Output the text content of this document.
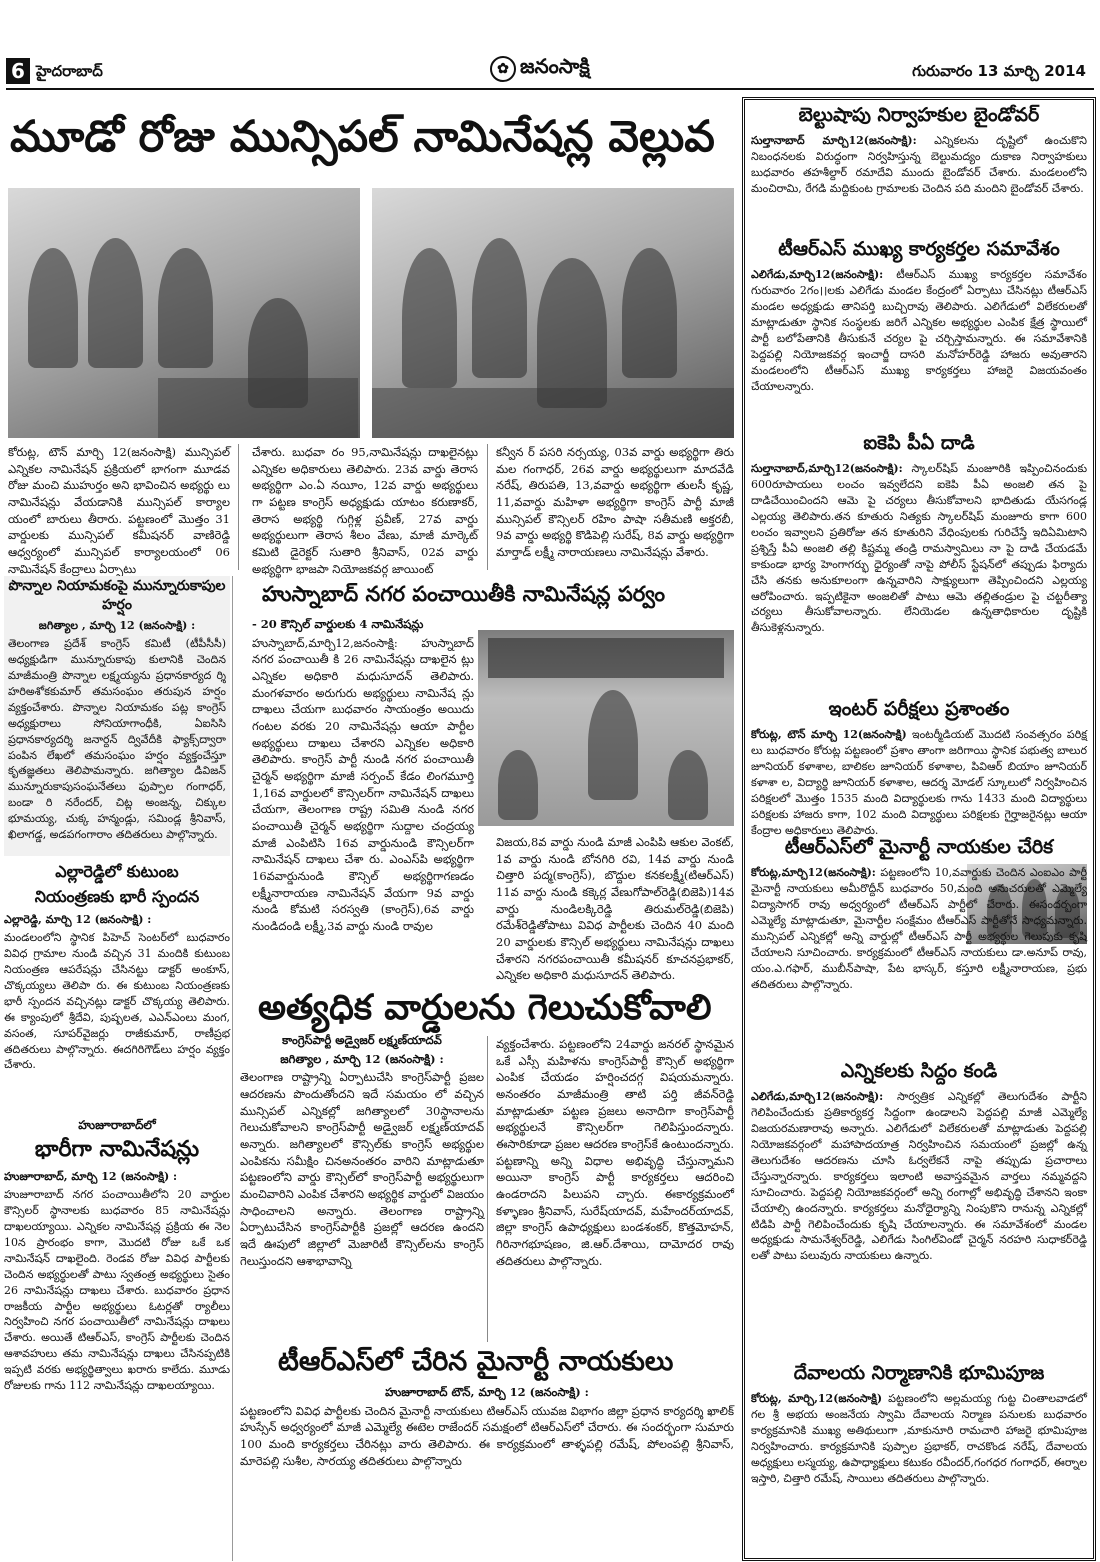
6 హైదరాబాద్	✿ జనంసాక్షి	గురువారం 13 మార్చి 2014
మూడో రోజు మున్సిపల్ నామినేషన్ల వెల్లువ

కోరుట్ల, టౌన్ మార్చి 12(జనంసాక్షి) మున్సిపల్ ఎన్నికల నామినేషన్ ప్రక్రియలో భాగంగా మూడవ రోజు మంచి ముహుర్తం అని భావించిన అభ్యర్థు లు నామినేషన్లు వేయడానికి మున్సిపల్ కార్యాల యంలో బారులు తీరారు. పట్టణంలో మొత్తం 31 వార్డులకు మున్సిపల్ కమీషనర్ వాణిరెడ్డి ఆధ్వర్యంలో మున్సిపల్ కార్యాలయంలో 06 నామినేషన్ కేంద్రాలు ఏర్పాటు

చేశారు. బుధవా రం 95,నామినేషన్లు దాఖలైనట్లు ఎన్నికల అధికారులు తెలిపారు. 23వ వార్డు తెరాస అభ్యర్థిగా ఎం.ఏ నయీం, 12వ వార్డు అభ్యర్థులు గా పట్టణ కాంగ్రెస్ అధ్యక్షుడు యాటం కరుణాకర్, తెరాస అభ్యర్థి గుగ్గిళ్ల ప్రవీణ్, 27వ వార్డు అభ్యర్థులుగా తెరాస శీలం వేణు, మాజీ మార్కెట్ కమిటి డైరెక్టర్ సుతారి శ్రీనివాస్, 02వ వార్డు అభ్యర్థిగా భాజపా నియోజకవర్గ జాయింట్

కన్వీన ర్ పసరి నర్సయ్య, 03వ వార్డు అభ్యర్థిగా తిరు మల గంగాధర్, 26వ వార్డు అభ్యర్థులుగా మాదవేడి నరేష్, తిరుపతి, 13,వవార్డు అభ్యర్థిగా తులసీ కృష్ణ, 11,వవార్డు మహిళా అభ్యర్థిగా కాంగ్రెస్ పార్టీ మాజీ మున్సిపల్ కౌన్సిలర్ రహిం పాషా సతీమణి అక్తరబీ, 9వ వార్డు అభ్యర్థి కొడిపెల్లి సురేష్, 8వ వార్డు అభ్యర్థిగా మార్తాడ్ లక్ష్మీ నారాయణలు నామినేషన్లు వేశారు.

పొన్నాల నియామకంపై మున్నూరుకాపుల హర్షం

జగిత్యాల , మార్చి 12 (జనంసాక్షి) :

తెలంగాణ ప్రదేశ్ కాంగ్రెస్ కమిటీ (టీపీసీసీ) అధ్యక్షుడిగా మున్నూరుకాపు కులానికి చెందిన మాజీమంత్రి పొన్నాల లక్ష్మయ్యను ప్రధానకార్యద ర్శి హరిఅశోకకుమార్ తమసంఘం తరుపున హర్షం వ్యక్తంచేశారు. పొన్నాల నియామకం పట్ల కాంగ్రెస్ అధ్యక్షురాలు సోనియాగాంధీకి, ఏఐసిసి ప్రధానకార్యదర్శి జనార్దన్ ద్వివేదీకి ఫ్యాక్స్‌ద్వారా పంపిన లేఖలో తమసంఘం హర్షం వ్యక్తంచేస్తూ కృతజ్ఞతలు తెలిపామన్నారు. జగిత్యాల డివిజన్ మున్నూరుకాపుసంఘనేతలు ఫుప్పాల గంగాధర్, బండా రి నరేందర్, చిట్ల అంజన్న, చిక్కుల భూమయ్య, చుక్క హన్మండ్లు, సమిండ్ల శ్రీనివాస్, ఖిలాగడ్డ, అడపగంగారాం తదితరులు పాల్గొన్నారు.

ఎల్లారెడ్డిలో కుటుంబ
నియంత్రణకు భారీ స్పందన

ఎల్లారెడ్డి, మార్చి 12 (జనంసాక్షి) :

మండలంలోని స్థానిక పిహెచ్ సెంటర్‌లో బుధవారం వివిధ గ్రామాల నుండి వచ్చిన 31 మందికి కుటుంబ నియంత్రణ ఆపరేషన్లు చేసినట్టు డాక్టర్ అంకూస్, చొక్కయ్యలు తెలిపా రు. ఈ కుటుంబ నియంత్రణకు భారీ స్పందన వచ్చినట్లు డాక్టర్ చొక్కయ్య తెలిపారు. ఈ క్యాంపులో శ్రీదేవి, పుష్పలత, ఎఎన్ఎంలు మంగ, వసంత, సూపర్‌వైజర్లు రాజీకుమార్, రాణీప్రభ తదితరులు పాల్గొన్నారు. ఈదగిరిగౌడ్‌లు హర్షం వ్యక్తం చేశారు.

హుజూరాబాద్‌లో
భారీగా నామినేషన్లు

హుజూరాబాద్, మార్చి 12 (జనంసాక్షి) :

హుజూరాబాద్ నగర పంచాయితీలోని 20 వార్డుల కౌన్సిలర్ స్థానాలకు బుధవారం 85 నామినేషన్లు దాఖలయ్యాయి. ఎన్నికల నామినేషన్ల ప్రక్రియ ఈ నెల 10న ప్రారంభం కాగా, మొదటి రోజు ఒకే ఒక నామినేషన్ దాఖలైంది. రెండవ రోజు వివిధ పార్టీలకు చెందిన అభ్యర్థులతో పాటు స్వతంత్ర అభ్యర్థులు సైతం 26 నామినేషన్లు దాఖలు చేశారు. బుధవారం ప్రధాన రాజకీయ పార్టీల అభ్యర్థులు ఓటర్లతో ర్యాలీలు నిర్వహించి నగర పంచాయితీలో నామినేషన్లు దాఖలు చేశారు. అయితే టిఆర్ఎస్, కాంగ్రెస్ పార్టీలకు చెందిన ఆశావహులు తమ నామినేషన్లు దాఖలు చేసినప్పటికి ఇప్పటి వరకు అభ్యర్థిత్వాలు ఖరారు కాలేదు. మూడు రోజులకు గాను 112 నామినేషన్లు దాఖలయ్యాయి.

హుస్నాబాద్ నగర పంచాయితీకి నామినేషన్ల పర్వం

- 20 కౌన్సిల్ వార్డులకు 4 నామినేషన్లు

హుస్నాబాద్,మార్చి12,జనంసాక్షి: హుస్నాబాద్ నగర పంచాయితీ కి 26 నామినేషన్లు దాఖలైన ట్లు ఎన్నికల అధికారి మధుసూదన్ తెలిపారు. మంగళవారం అరుగురు అభ్యర్థులు నామినేష న్లు దాఖలు చేయగా బుధవారం సాయంత్రం అయిదు గంటల వరకు 20 నామినేషన్లు ఆయా పార్టీల అభ్యర్థులు దాఖలు చేశారని ఎన్నికల అధికారి తెలిపారు. కాంగ్రెస్ పార్టీ నుండి నగర పంచాయితీ చైర్మన్ అభ్యర్థిగా మాజీ సర్పంచ్ కేడం లింగమూర్తి 1,16వ వార్డులలో కౌన్సిలర్‌గా నామినేషన్ దాఖలు చేయగా, తెలంగాణ రాష్ట్ర సమితి నుండి నగర పంచాయితీ చైర్మన్ అభ్యర్థిగా సుద్దాల చంద్రయ్య మాజీ ఎంపిటిసి 16వ వార్డునుండి కౌన్సిలర్‌గా నామినేషన్ దాఖలు చేశా రు. ఎంఎస్‌పి అభ్యర్థిగా 16వవార్డునుండి కౌన్సిల్ అభ్యర్థిగాగణడం లక్ష్మీనారాయణ నామినేషన్ వేయగా 9వ వార్డు నుండి కోమటి సరస్వతి (కాంగ్రెస్),6వ వార్డు నుండిదండి లక్ష్మీ,3వ వార్డు నుండి రావుల

విజయ,8వ వార్డు నుండి మాజీ ఎంపిపి ఆకుల వెంకట్, 1వ వార్డు నుండి బోనగిరి రవి, 14వ వార్డు నుండి చిత్తారి పద్మ(కాంగ్రెస్), బొద్దుల కనకలక్ష్మీ(టిఆర్ఎస్) 11వ వార్డు నుండి కక్కెర్ల వేణుగోపాల్‌రెడ్డి(బిజెపి)14వ వార్డు నుండిలక్కిరెడ్డి తిరుమల్‌రెడ్డి(బిజెపి) రమేశ్‌రెడ్డితోపాటు వివిధ పార్టీలకు చెందిన 40 మంది 20 వార్డులకు కౌన్సిల్ అభ్యర్థులు నామినేషన్లు దాఖలు చేశారని నగరపంచాయితీ కమీషనర్ కూచనప్రభాకర్, ఎన్నికల అధికారి మధుసూదన్ తెలిపారు.

అత్యధిక వార్డులను గెలుచుకోవాలి

కాంగ్రెస్‌పార్టీ అడ్వైజర్ లక్ష్మణ్‌యాదవ్

జగిత్యాల , మార్చి 12 (జనంసాక్షి) :

తెలంగాణ రాష్ట్రాన్ని ఏర్పాటుచేసి కాంగ్రెస్‌పార్టీ ప్రజల ఆదరణను పొందుతోందని ఇదే సమయం లో వచ్చిన మున్సిపల్ ఎన్నికల్లో జగిత్యాలలో 30స్థానాలను గెలుచుకోవాలని కాంగ్రెస్‌పార్టీ అడ్వైజర్ లక్ష్మణ్‌యాదవ్ అన్నారు. జగిత్యాలలో కౌన్సిల్‌కు కాంగ్రెస్ అభ్యర్థుల ఎంపికను సమీక్షిం చినఅనంతరం వారిని మాట్లాడుతూ పట్టణంలోని వార్డు కౌన్సిల్‌లో కాంగ్రెస్‌పార్టీ అభ్యర్థులుగా మంచివారిని ఎంపిక చేశారని అభ్యర్థిక వార్డులో విజయం సాధించాలని అన్నారు. తెలంగాణ రాష్ట్రాన్ని ఏర్పాటుచేసిన కాంగ్రెస్‌పార్టీకి ప్రజల్లో ఆదరణ ఉందని ఇదే ఊపులో జిల్లాలో మెజారిటీ కౌన్సిల్‌లను కాంగ్రెస్ గెలుస్తుందని ఆశాభావాన్ని

వ్యక్తంచేశారు. పట్టణంలోని 24వార్డు జనరల్ స్థానమైన ఒకే ఎస్సీ మహిళను కాంగ్రెస్‌పార్టీ కౌన్సిల్ అభ్యర్థిగా ఎంపిక చేయడం హర్షించదగ్గ విషయమన్నారు. అనంతరం మాజీమంత్రి తాటి పర్తి జీవన్‌రెడ్డి మాట్లాడుతూ పట్టణ ప్రజలు అనాదిగా కాంగ్రెస్‌పార్టీ అభ్యర్థులనే కౌన్సిలర్‌గా గెలిపిస్తుందన్నారు. ఈసారికూడా ప్రజల ఆదరణ కాంగ్రెస్‌కే ఉంటుందన్నారు. పట్టణాన్ని అన్ని విధాల అభివృద్ధి చేస్తున్నామని అయినా కాంగ్రెస్ పార్టీ కార్యకర్తలు ఆదరించి ఉండరాదని పిలుపని చ్చారు. ఈకార్యక్రమంలో కళ్ళాణం శ్రీనివాస్, సురేష్‌యాదవ్, మహేందర్‌యాదవ్, జిల్లా కాంగ్రెస్ ఉపాధ్యక్షులు బండశంకర్, కొత్తమోహన్, గిరినాగభూషణం, జి.ఆర్.దేశాయి, దామోదర రావు తదితరులు పాల్గొన్నారు.

టీఆర్ఎస్‌లో చేరిన మైనార్టీ నాయకులు

హుజూరాబాద్ టౌన్, మార్చి 12 (జనంసాక్షి) :

పట్టణంలోని వివిధ పార్టీలకు చెందిన మైనార్టీ నాయకులు టిఆర్ఎస్ యువజ విభాగం జిల్లా ప్రధాన కార్యదర్శి ఖాలిక్ హుస్సేన్ అధ్వర్యంలో మాజీ ఎమ్మెల్యే ఈటెల రాజేందర్ సమక్షంలో టిఆర్ఎస్‌లో చేరారు. ఈ సందర్భంగా సుమారు 100 మంది కార్యకర్తలు చేరినట్లు వారు తెలిపారు. ఈ కార్యక్రమంలో తాళ్ళపల్లి రమేష్, పోలంపల్లి శ్రీనివాస్, మారెపల్లి సుశీల, సారయ్య తదితరులు పాల్గొన్నారు

బెల్టుషాపు నిర్వాహకుల బైండోవర్
సుల్తానాబాద్ మార్చి12(జనంసాక్షి): ఎన్నికలను దృష్టిలో ఉంచుకొని నిబంధనలకు విరుద్ధంగా నిర్వహిస్తున్న బెల్టుమద్యం దుకాణ నిర్వాహకులు బుధవారం తహశీల్దార్ రమాదేవి ముందు బైండోవర్ చేశారు. మండలంలోని మంచిరామి, రేగడి మద్దికుంట గ్రామాలకు చెందిన పది మందిని బైండోవర్ చేశారు.
టీఆర్ఎస్ ముఖ్య కార్యకర్తల సమావేశం
ఎలిగేడు,మార్చి12(జనంసాక్షి): టీఆర్ఎస్ ముఖ్య కార్యకర్తల సమావేశం గురువారం 2గం।।లకు ఎలిగేడు మండల కేంద్రంలో ఏర్పాటు చేసినట్లు టీఆర్ఎస్ మండల అధ్యక్షుడు తానిపర్తి బుచ్చిరావు తెలిపారు. ఎలిగేడులో విలేకరులతో మాట్లాడుతూ స్థానిక సంస్థలకు జరిగే ఎన్నికల అభ్యర్థుల ఎంపిక క్షేత్ర స్థాయిలో పార్టీ బలోపేతానికి తీసుకునే చర్యల పై చర్చిస్తామన్నారు. ఈ సమావేశానికి పెద్దపల్లి నియోజకవర్గ ఇంచార్జీ దాసరి మనోహర్‌రెడ్డి హాజరు అవుతారని మండలంలోని టీఆర్ఎస్ ముఖ్య కార్యకర్తలు హాజరై విజయవంతం చేయాలన్నారు.
ఐకెపి పీఏ దాడి
సుల్తానాబాద్,మార్చి12(జనంసాక్షి): స్కాలర్‌షిప్ మంజూరికి ఇప్పించినందుకు 600రూపాయలు లంచం ఇవ్వలేదని ఐకెపి పీఏ అంజలి తన పై దాడిచేయించిందని ఆమె పై చర్యలు తీసుకోవాలని భాదితుడు యేసగండ్ల ఎల్లయ్య తెలిపారు.తన కూతురు నిత్యకు స్కాలర్‌షిప్ మంజూరు కాగా 600 లంచం ఇవ్వాలని ప్రతిరోజు తన కూతురిని వేధింపులకు గురిచేస్తే ఇదిఏమిటాని ప్రశ్నిస్తే పీఏ అంజలి తల్లి కిష్టమ్మ తండ్రి రామస్వామిలు నా పై దాడి చేయడమే కాకుండా భార్య హెంగాగర్భు ధైర్యంతో నాపై పోలీస్ స్టేషన్‌లో తప్పుడు ఫిర్యాదు చేసి తనకు అనుకూలంగా ఉన్నవారిని సాక్ష్యులుగా తెప్పించిందని ఎల్లయ్య ఆరోపించారు. ఇప్పటికైనా అంజలితో పాటు ఆమె తల్లితండ్రుల పై చట్టరీత్యా చర్యలు తీసుకోవాలన్నారు. లేనియెడల ఉన్నతాధికారుల దృష్టికి తీసుకెళ్లనున్నారు.
ఇంటర్ పరీక్షలు ప్రశాంతం
కోరుట్ల, టౌన్ మార్చి 12(జనంసాక్షి) ఇంటర్మీడియట్ మొదటి సంవత్సరం పరిక్ష లు బుధవారం కోరుట్ల పట్టణంలో ప్రశాం తాంగా జరిగాయి స్థానిక పభుత్వ బాలుర జూనియర్ కళాశాల, బాలికల జూనియర్ కళాశాల, పివిఆర్ బియాం జూనియర్ కళాశా ల, విద్యార్థి జూనియర్ కళాశాల, ఆదర్శ మోడల్ స్కూలులో నిర్వహించిన పరిక్షలలో మొత్తం 1535 మంది విద్యార్థులకు గాను 1433 మంది విద్యార్థులు పరిక్షలకు హాజరు కాగా, 102 మంది విద్యార్థులు పరిక్షలకు గైర్హాజరైనట్లు ఆయా కేంద్రాల అధికారులు తెలిపారు.
టీఆర్ఎస్‌లో మైనార్టీ నాయకుల చేరిక
కోరుట్ల,మార్చి12(జనంసాక్షి): పట్టణంలోని 10,వవార్డుకు చెందిన ఎంఐఎం పార్టీ మైనార్టీ నాయకులు అమీరొద్దీన్ బుధవారం 50,మంది అనుచరులతో ఎమ్మెల్యే విద్యాసాగర్ రావు అధ్వర్యంలో టీఆర్ఎస్ పార్టీలో చేరారు. ఈసందర్బంగా ఎమ్మెల్యే మాట్లాడుతూ, మైనార్టీల సంక్షేమం టీఆర్ఎస్ పార్టీతోనే సాధ్యమన్నారు. మున్సిపల్ ఎన్నికల్లో అన్ని వార్డుల్లో టీఆర్ఎస్ పార్టీ అభ్యర్థుల గెలుపుకు కృషి చేయాలని సూచించారు. కార్యక్రమంలో టీఆర్ఎస్ నాయకులు డా.అనూప్ రావు, యం.ఎ.గఫార్, ముబీన్‌పాషా, పేట భాస్కర్, కస్తూరి లక్ష్మీనారాయణ, ప్రభు తదితరులు పాల్గొన్నారు.
ఎన్నికలకు సిద్దం కండి
ఎలిగేడు,మార్చి12(జనంసాక్షి): సార్వత్రిక ఎన్నికల్లో తెలుగుదేశం పార్టీని గెలిపించేందుకు ప్రతికార్యకర్త సిద్దంగా ఉండాలని పెద్దపల్లి మాజీ ఎమ్మెల్యే విజయరమణారావు అన్నారు. ఎలిగేడులో విలేకరులతో మాట్లాడుతు పెద్దపల్లి నియోజకవర్గంలో మహాపాదయాత్ర నిర్వహించిన సమయంలో ప్రజల్లో ఉన్న తెలుగుదేశం ఆదరణను చూసి ఓర్వలేకనే నాపై తప్పుడు ప్రచారాలు చేస్తున్నారన్నారు. కార్యకర్తలు ఇలాంటి అవాస్తవమైన వార్తలు నమ్మవద్దని సూచించారు. పెద్దపల్లి నియోజకవర్గంలో అన్ని రంగాల్లో అభివృద్ధి చేశానని ఇంకా చేయాల్సి ఉందన్నారు. కార్యకర్తలు మనోధైర్యాన్ని నింపుకొని రానున్న ఎన్నికల్లో టిడిపి పార్టీ గెలిపించేందుకు కృషి చేయాలన్నారు. ఈ సమావేశంలో మండల అధ్యక్షుడు సామనేశ్వర్‌రెడ్డి, ఎలిగేడు సింగిల్‌విండో చైర్మన్ నరహరి సుధాకర్‌రెడ్డి లతో పాటు పలువురు నాయకులు ఉన్నారు.
దేవాలయ నిర్మాణానికి భూమిపూజ
కోరుట్ల, మార్చి,12(జనంసాక్షి) పట్టణంలోని అల్లమయ్య గుట్ట చింతాలవాడలో గల శ్రీ అభయ అంజనేయ స్వామి దేవాలయ నిర్మాణ పనులకు బుధవారం కార్యక్రమానికి ముఖ్య అతిథులుగా ,మాకునూరి రామచారి హాజరై భూమిపూజ నిర్వహించారు. కార్యక్రమానికి పుప్పాల ప్రభాకర్, రాచకొండ నరేష్, దేవాలయ అధ్యక్షులు లస్మయ్య, ఉపాధ్యాక్షులు కటుకం రవీందర్,గంగధర గంగాధర్, ఈర్నాల ఇస్తారి, చిత్తారి రమేష్, సాయిలు తదితరులు పాల్గొన్నారు.
